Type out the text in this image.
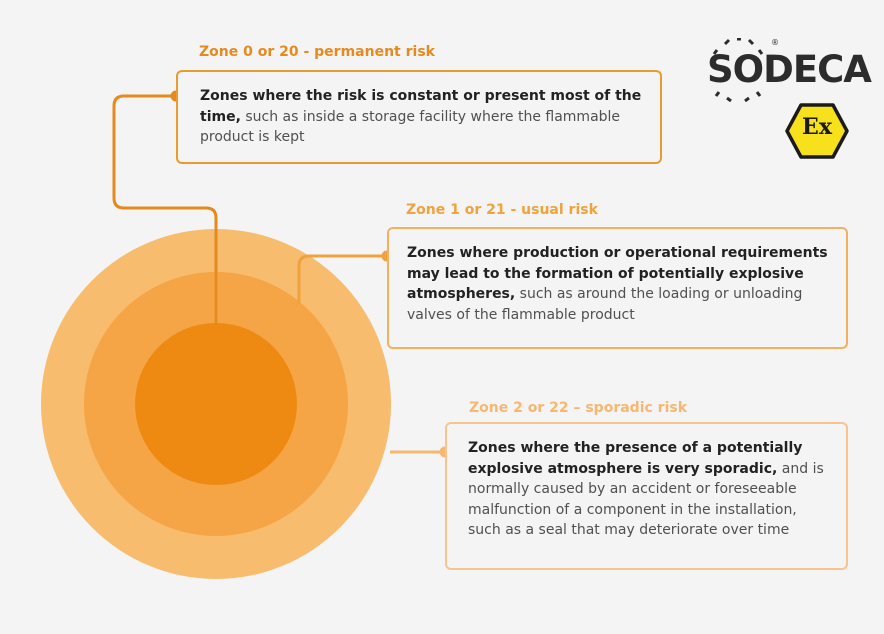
Zone 0 or 20 - permanent risk
Zones where the risk is constant or present most of the time, such as inside a storage facility where the flammable product is kept
Zone 1 or 21 - usual risk
Zones where production or operational requirements may lead to the formation of potentially explosive atmospheres, such as around the loading or unloading valves of the flammable product
Zone 2 or 22 – sporadic risk
Zones where the presence of a potentially explosive atmosphere is very sporadic, and is normally caused by an accident or foreseeable malfunction of a component in the installation, such as a seal that may deteriorate over time
SODECA
®
Ex
